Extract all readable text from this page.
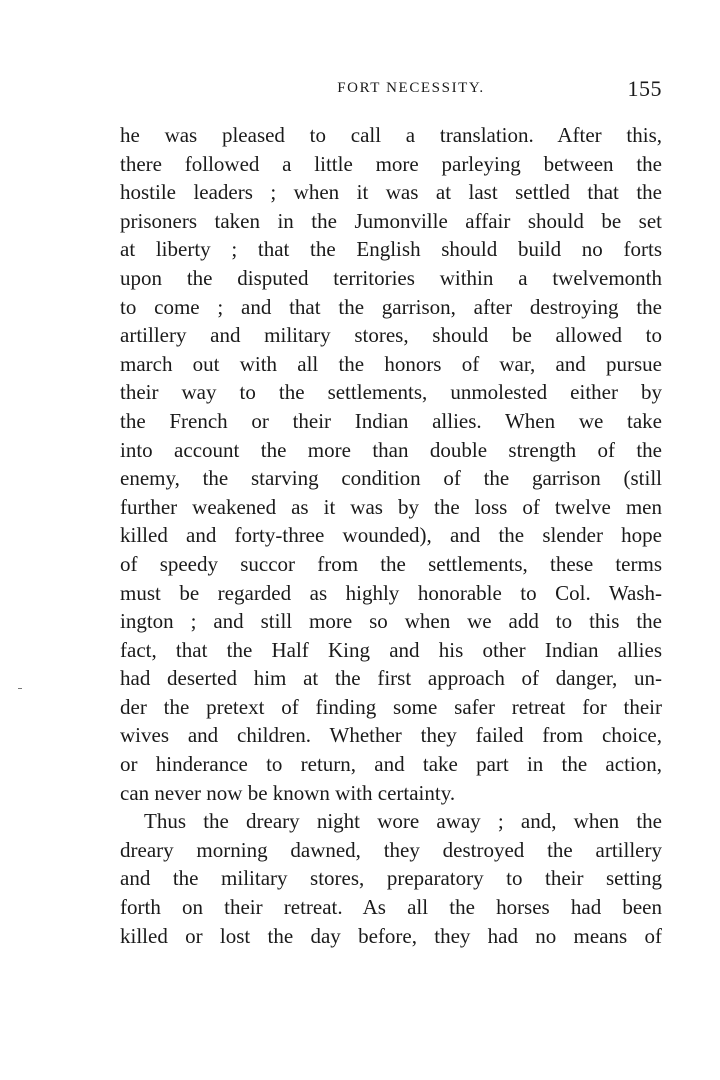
FORT NECESSITY.	155
he was pleased to call a translation. After this,
there followed a little more parleying between the
hostile leaders ; when it was at last settled that the
prisoners taken in the Jumonville affair should be set
at liberty ; that the English should build no forts
upon the disputed territories within a twelvemonth
to come ; and that the garrison, after destroying the
artillery and military stores, should be allowed to
march out with all the honors of war, and pursue
their way to the settlements, unmolested either by
the French or their Indian allies. When we take
into account the more than double strength of the
enemy, the starving condition of the garrison (still
further weakened as it was by the loss of twelve men
killed and forty-three wounded), and the slender hope
of speedy succor from the settlements, these terms
must be regarded as highly honorable to Col. Wash-
ington ; and still more so when we add to this the
fact, that the Half King and his other Indian allies
had deserted him at the first approach of danger, un-
der the pretext of finding some safer retreat for their
wives and children. Whether they failed from choice,
or hinderance to return, and take part in the action,
can never now be known with certainty.
Thus the dreary night wore away ; and, when the
dreary morning dawned, they destroyed the artillery
and the military stores, preparatory to their setting
forth on their retreat. As all the horses had been
killed or lost the day before, they had no means of
